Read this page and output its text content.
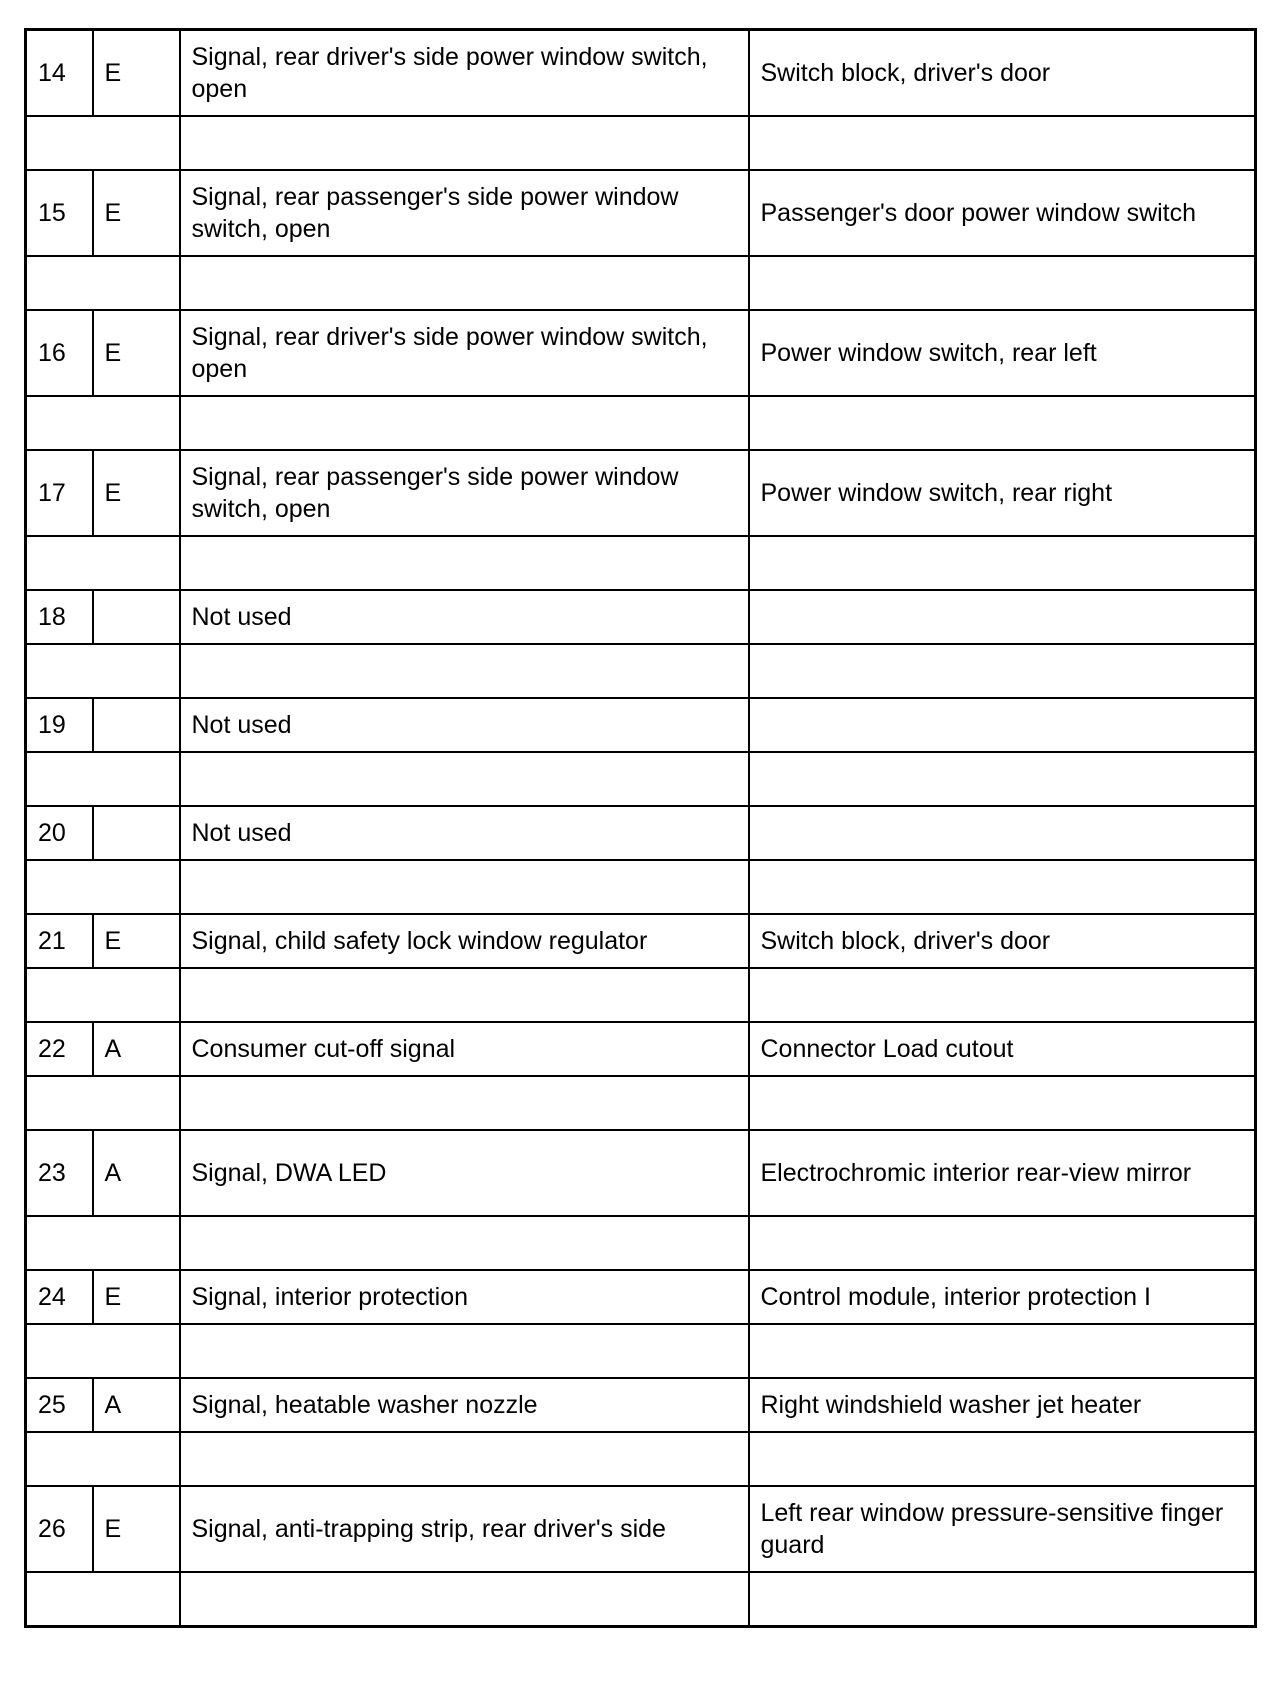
14	E	Signal, rear driver's side power window switch, open	Switch block, driver's door

15	E	Signal, rear passenger's side power window switch, open	Passenger's door power window switch

16	E	Signal, rear driver's side power window switch, open	Power window switch, rear left

17	E	Signal, rear passenger's side power window switch, open	Power window switch, rear right

18		Not used	

19		Not used	

20		Not used	

21	E	Signal, child safety lock window regulator	Switch block, driver's door

22	A	Consumer cut-off signal	Connector Load cutout

23	A	Signal, DWA LED	Electrochromic interior rear-view mirror

24	E	Signal, interior protection	Control module, interior protection I

25	A	Signal, heatable washer nozzle	Right windshield washer jet heater

26	E	Signal, anti-trapping strip, rear driver's side	Left rear window pressure-sensitive finger guard
